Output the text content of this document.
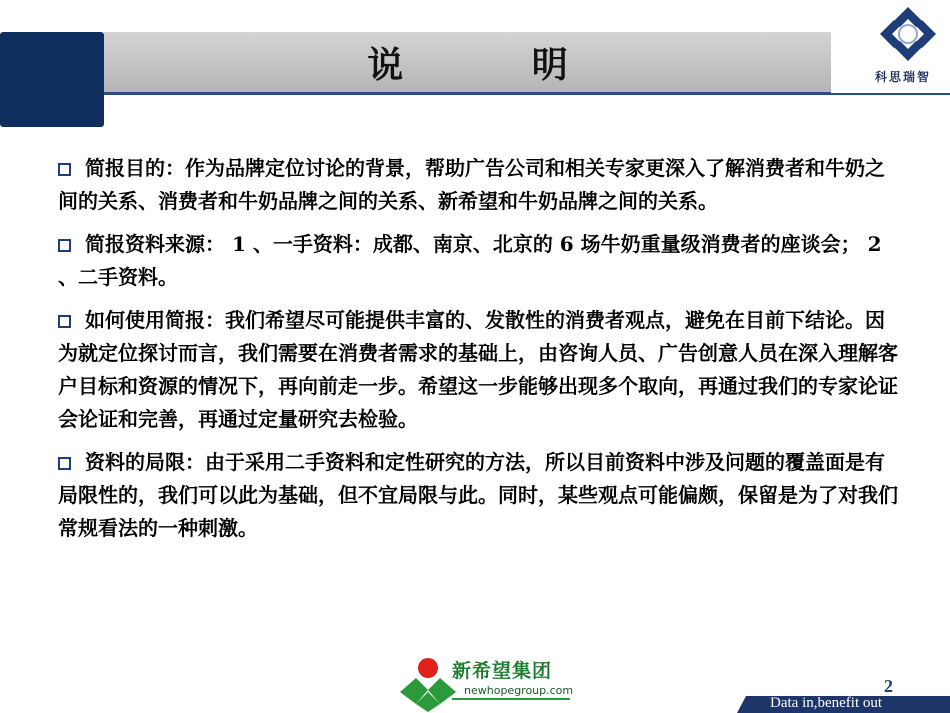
说 明	科思瑞智
简报目的：作为品牌定位讨论的背景，帮助广告公司和相关专家更深入了解消费者和牛奶之间的关系、消费者和牛奶品牌之间的关系、新希望和牛奶品牌之间的关系。
简报资料来源： 1 、一手资料：成都、南京、北京的 6 场牛奶重量级消费者的座谈会； 2 、二手资料。
如何使用简报：我们希望尽可能提供丰富的、发散性的消费者观点，避免在目前下结论。因为就定位探讨而言，我们需要在消费者需求的基础上，由咨询人员、广告创意人员在深入理解客户目标和资源的情况下，再向前走一步。希望这一步能够出现多个取向，再通过我们的专家论证会论证和完善，再通过定量研究去检验。
资料的局限：由于采用二手资料和定性研究的方法，所以目前资料中涉及问题的覆盖面是有局限性的，我们可以此为基础，但不宜局限与此。同时，某些观点可能偏颇，保留是为了对我们常规看法的一种刺激。
新希望集团
newhopegroup.com	2
Data in,benefit out
